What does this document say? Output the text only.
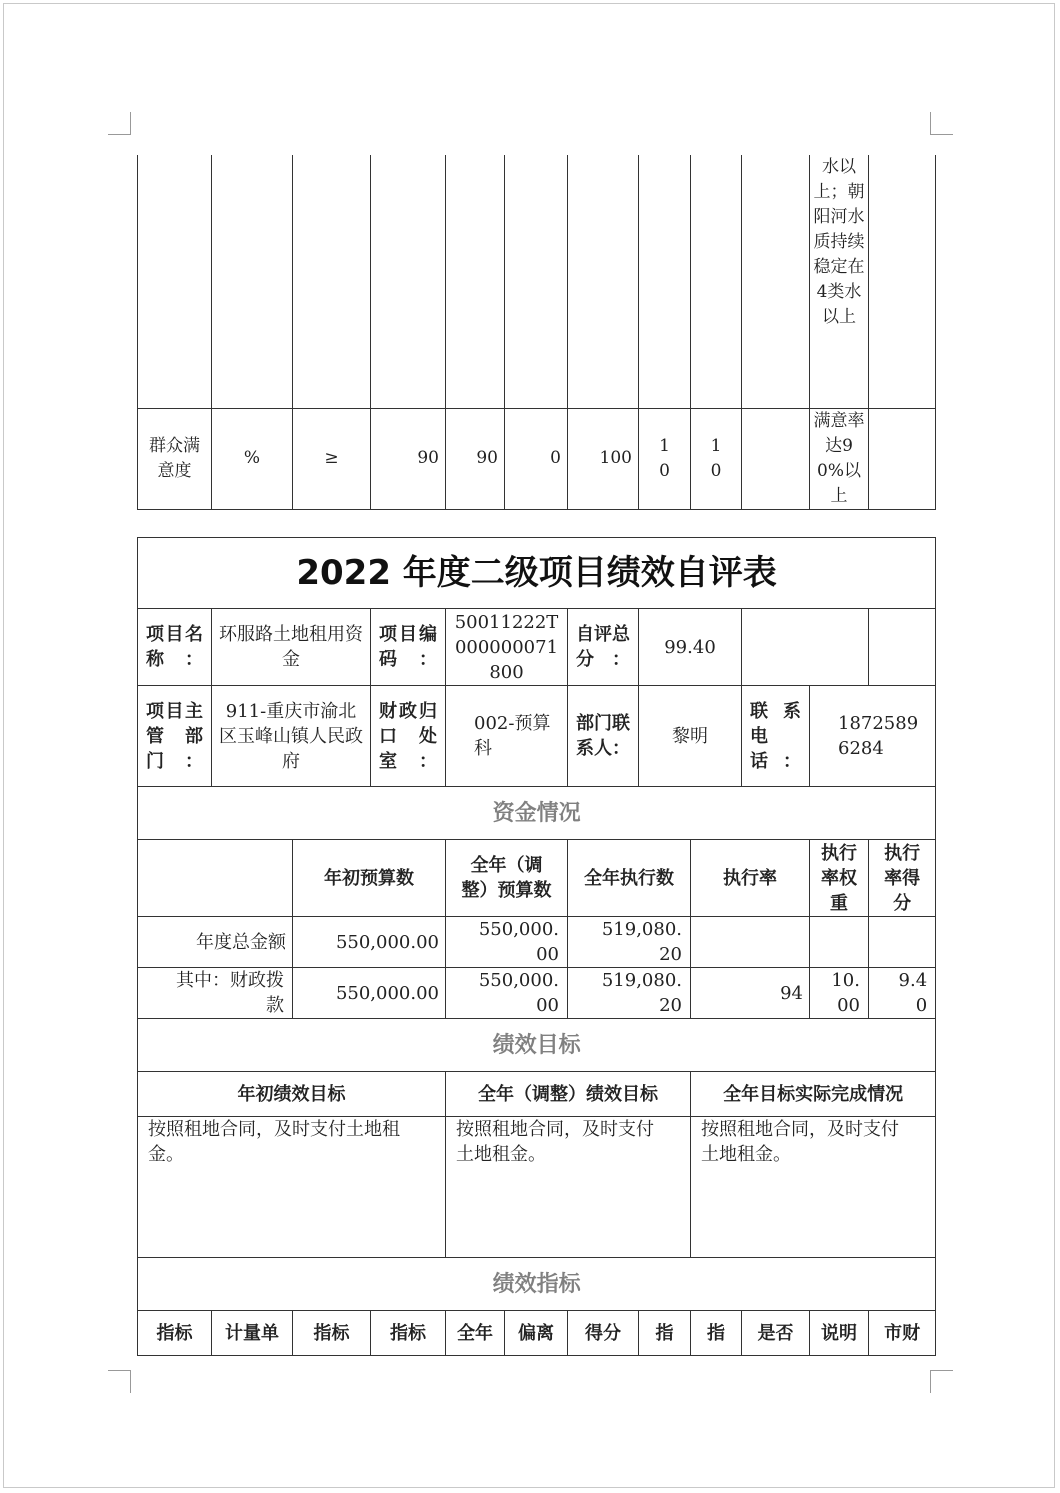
										水以上；朝阳河水质持续稳定在4类水以上	
群众满意度	%	≥	90	90	0	100	10	10		满意率达90%以上	
2022 年度二级项目绩效自评表											
项目名称：	环服路土地租用资金		项目编码：	50011222T000000071800		自评总分：	99.40				
项目主管部门：	911-重庆市渝北区玉峰山镇人民政府		财政归口处室：	002-预算科		部门联系人：	黎明		联系电话：	18725896284	
资金情况											
		年初预算数		全年（调整）预算数		全年执行数		执行率		执行率权重	执行率得分
年度总金额		550,000.00		550,000.00		519,080.20					
其中：财政拨款		550,000.00		550,000.00		519,080.20		94		10.00	9.40
绩效目标											
年初绩效目标				全年（调整）绩效目标				全年目标实际完成情况			
按照租地合同，及时支付土地租金。				按照租地合同，及时支付土地租金。				按照租地合同，及时支付土地租金。			
绩效指标											
指标	计量单	指标	指标	全年	偏离	得分	指	指	是否	说明	市财
